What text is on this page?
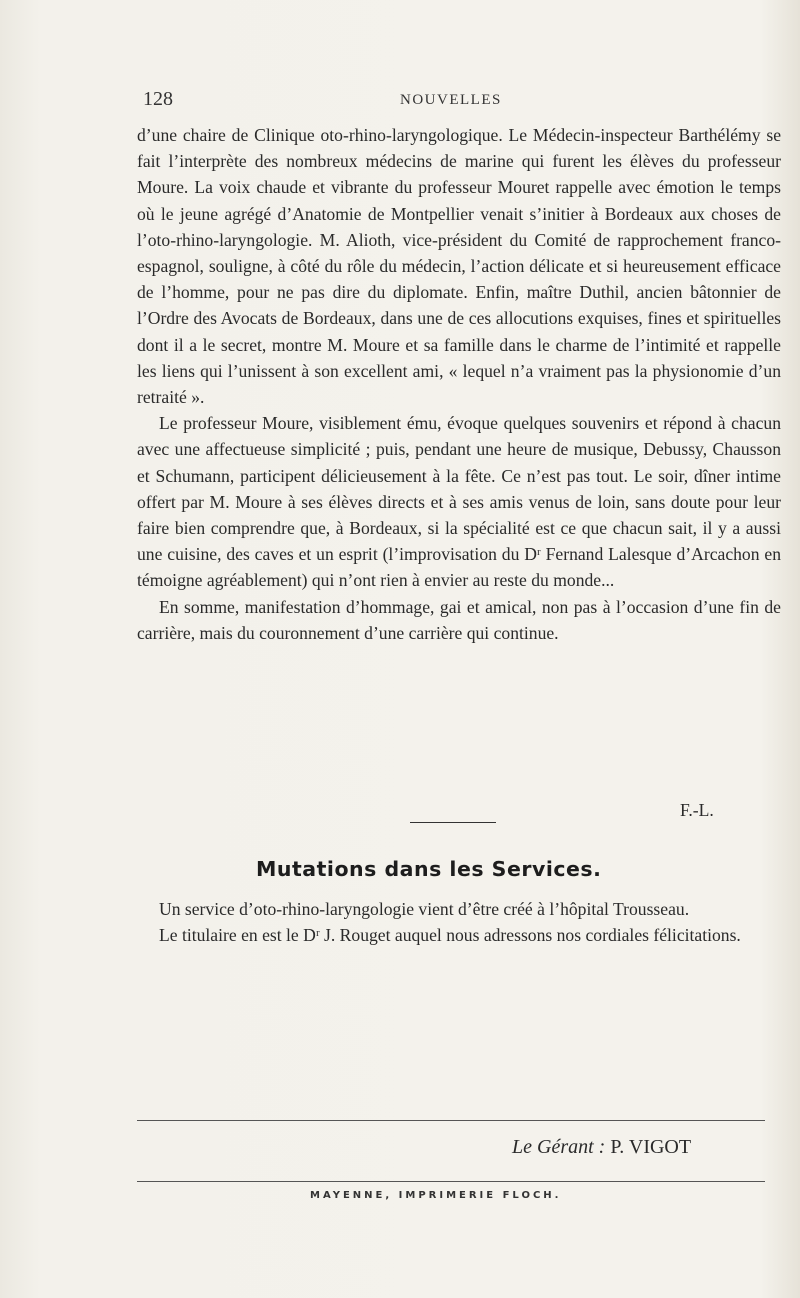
128	NOUVELLES

d’une chaire de Clinique oto-rhino-laryngologique. Le Médecin-inspecteur Barthélémy se fait l’interprète des nombreux médecins de marine qui furent les élèves du professeur Moure. La voix chaude et vibrante du professeur Mouret rappelle avec émotion le temps où le jeune agrégé d’Anatomie de Montpellier venait s’initier à Bordeaux aux choses de l’oto-rhino-laryngologie. M. Alioth, vice-président du Comité de rapprochement franco-espagnol, souligne, à côté du rôle du médecin, l’action délicate et si heureusement efficace de l’homme, pour ne pas dire du diplomate. Enfin, maître Duthil, ancien bâtonnier de l’Ordre des Avocats de Bordeaux, dans une de ces allocutions exquises, fines et spirituelles dont il a le secret, montre M. Moure et sa famille dans le charme de l’intimité et rappelle les liens qui l’unissent à son excellent ami, « lequel n’a vraiment pas la physionomie d’un retraité ».

Le professeur Moure, visiblement ému, évoque quelques souvenirs et répond à chacun avec une affectueuse simplicité ; puis, pendant une heure de musique, Debussy, Chausson et Schumann, participent délicieusement à la fête. Ce n’est pas tout. Le soir, dîner intime offert par M. Moure à ses élèves directs et à ses amis venus de loin, sans doute pour leur faire bien comprendre que, à Bordeaux, si la spécialité est ce que chacun sait, il y a aussi une cuisine, des caves et un esprit (l’improvisation du Dʳ Fernand Lalesque d’Arcachon en témoigne agréablement) qui n’ont rien à envier au reste du monde...

En somme, manifestation d’hommage, gai et amical, non pas à l’occasion d’une fin de carrière, mais du couronnement d’une carrière qui continue.

F.-L.
Mutations dans les Services.

Un service d’oto-rhino-laryngologie vient d’être créé à l’hôpital Trousseau.

Le titulaire en est le Dʳ J. Rouget auquel nous adressons nos cordiales félicitations.

Le Gérant : P. VIGOT
MAYENNE, IMPRIMERIE FLOCH.
